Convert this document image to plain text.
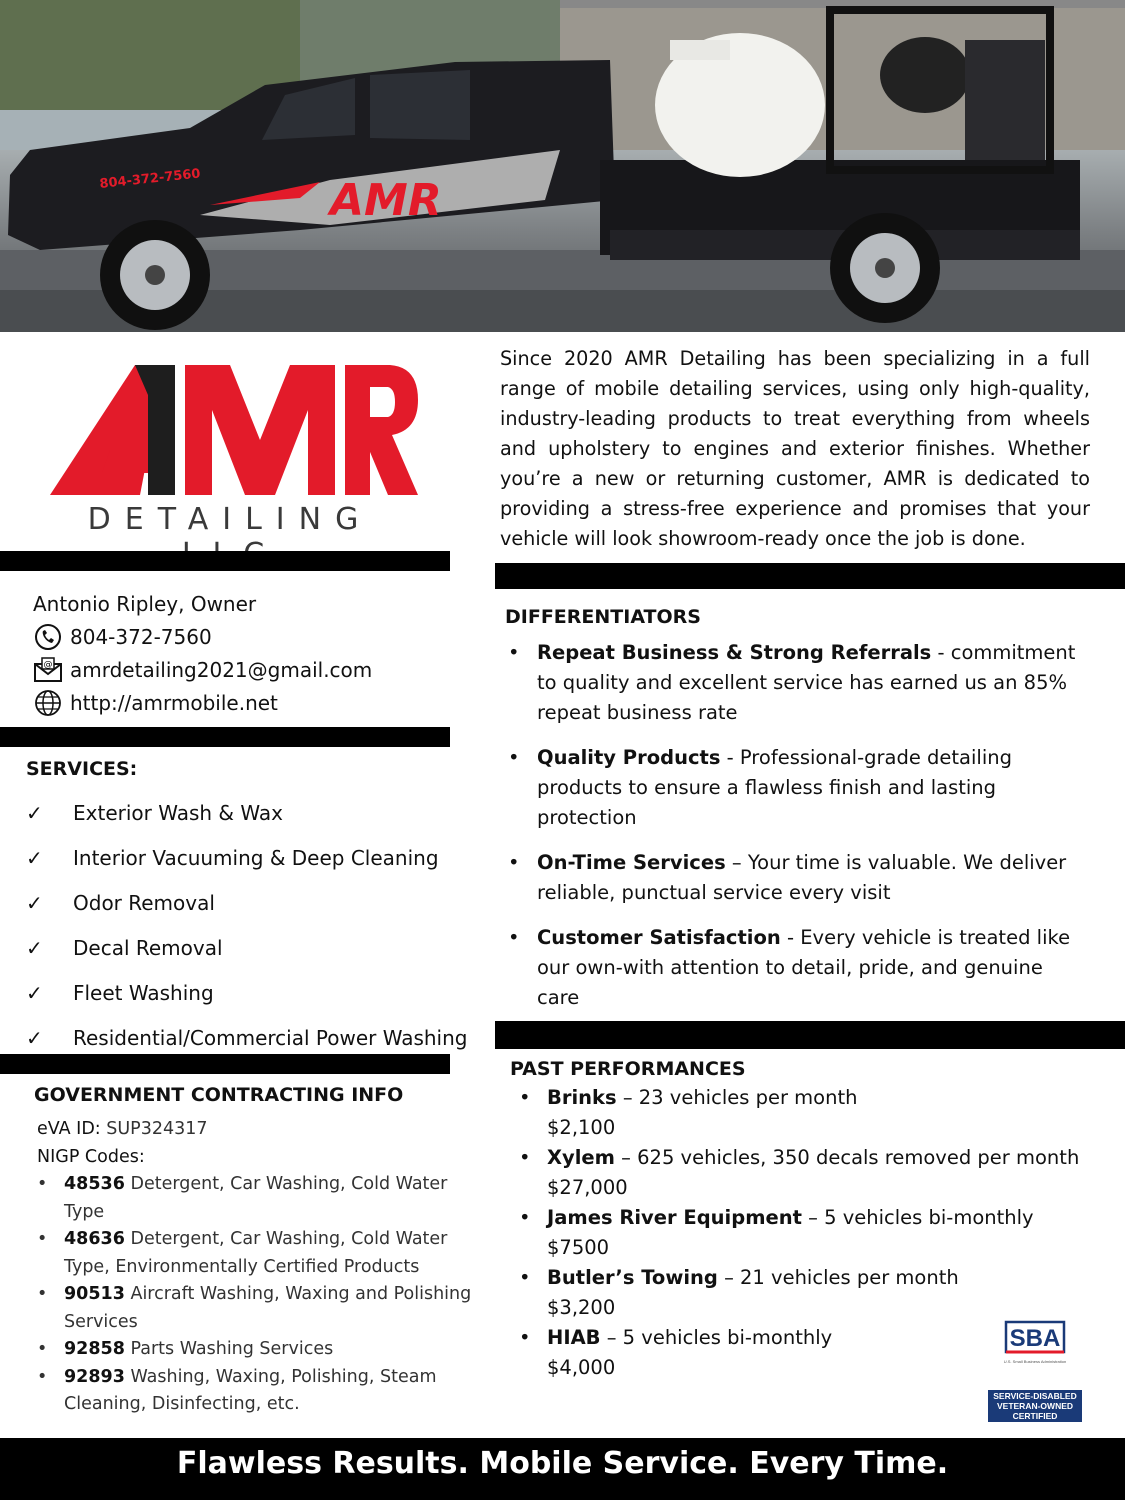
AMR
804-372-7560
DETAILING

Since 2020 AMR Detailing has been specializing in a full range of mobile detailing services, using only high-quality, industry-leading products to treat everything from wheels and upholstery to engines and exterior finishes. Whether you’re a new or returning customer, AMR is dedicated to providing a stress-free experience and promises that your vehicle will look showroom-ready once the job is done.

Antonio Ripley, Owner
804-372-7560
@ amrdetailing2021@gmail.com
http://amrmobile.net
SERVICES:
✓	Exterior Wash & Wax
✓	Interior Vacuuming & Deep Cleaning
✓	Odor Removal
✓	Decal Removal
✓	Fleet Washing
✓	Residential/Commercial Power Washing
GOVERNMENT CONTRACTING INFO
eVA ID: SUP324317
NIGP Codes:
• 48536 Detergent, Car Washing, Cold Water Type
• 48636 Detergent, Car Washing, Cold Water Type, Environmentally Certified Products
• 90513 Aircraft Washing, Waxing and Polishing Services
• 92858 Parts Washing Services
• 92893 Washing, Waxing, Polishing, Steam Cleaning, Disinfecting, etc.
DIFFERENTIATORS
• Repeat Business & Strong Referrals - commitment to quality and excellent service has earned us an 85% repeat business rate
• Quality Products - Professional-grade detailing products to ensure a flawless finish and lasting protection
• On-Time Services – Your time is valuable. We deliver reliable, punctual service every visit
• Customer Satisfaction - Every vehicle is treated like our own-with attention to detail, pride, and genuine care
PAST PERFORMANCES
• Brinks – 23 vehicles per month
$2,100
• Xylem – 625 vehicles, 350 decals removed per month
$27,000
• James River Equipment – 5 vehicles bi-monthly
$7500
• Butler’s Towing – 21 vehicles per month
$3,200
• HIAB – 5 vehicles bi-monthly
$4,000
SBA
U.S. Small Business Administration
SERVICE-DISABLED
VETERAN-OWNED
CERTIFIED
Flawless Results. Mobile Service. Every Time.
